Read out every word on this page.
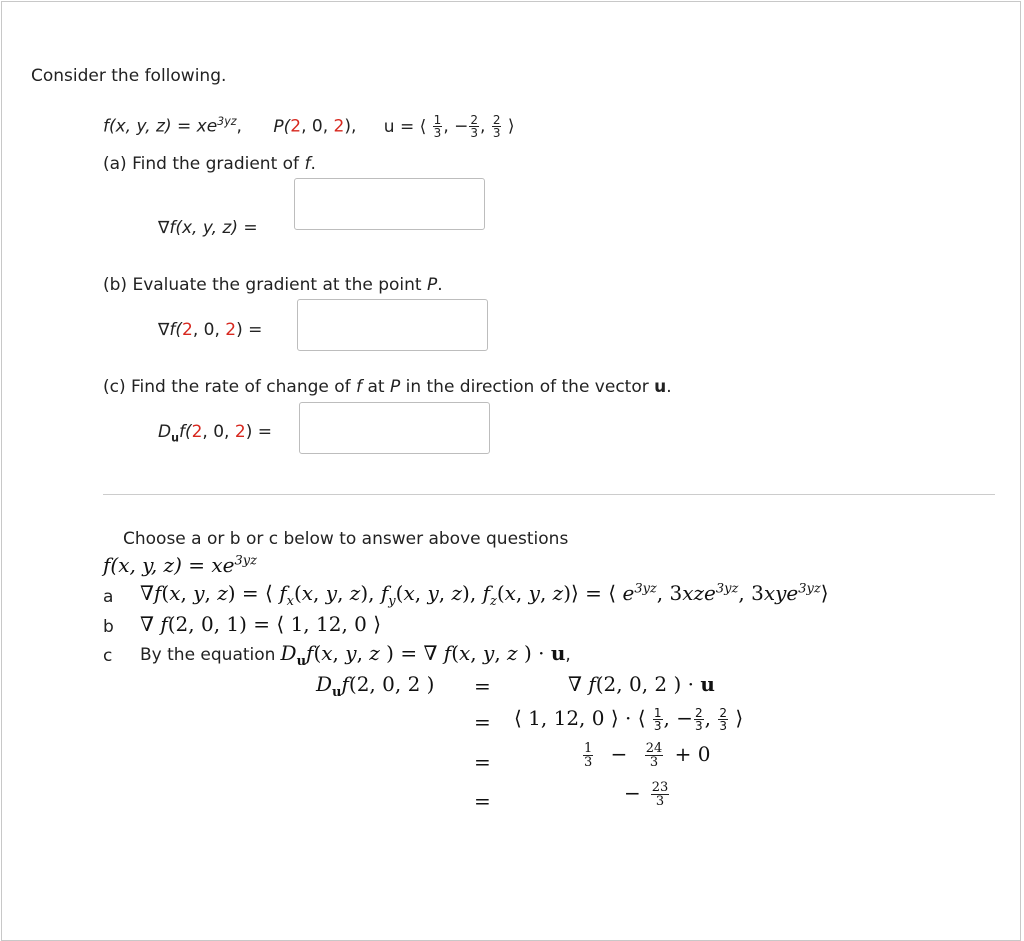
Consider the following.
f(x, y, $z) = xe^{3yz}$, P(2, 0, 2), u = ⟨ $\frac{1}{3}$ , − $\frac{2}{3}$ , $\frac{2}{3}$ ⟩
(a) Find the gradient of f.
∇f(x, y, z) =
(b) Evaluate the gradient at the point P.
∇f(2, 0, 2) =
(c) Find the rate of change of f at P in the direction of the vector u.
$D_uf(2$, 0, 2) =
Choose a or b or c below to answer above questions
f(x, y, $z) = xe^{3yz}$
a ∇f(x, y, z) = ⟨ $f_x(x$, y, z), $f_y(x$, y, z), $f_z(x$, y, z)⟩ = ⟨ $e^{3yz}$, 3xze$^{3yz}$, 3xye$^{3yz}$⟩
b ∇ f(2, 0, 1) = ⟨ 1, 12, 0 ⟩
c By the equation $D_uf(x$, y, z ) = ∇ f(x, y, z ) · u,
$D_uf(2$, 0, 2 ) =	∇ f(2, 0, 2 ) · u
= ⟨ 1, 12, 0 ⟩ · ⟨ $\frac{1}{3}$ , − $\frac{2}{3}$ , $\frac{2}{3}$ ⟩
=	$\frac{1}{3} - \frac{24}{3} + 0$
=	− $\frac{23}{3}$
